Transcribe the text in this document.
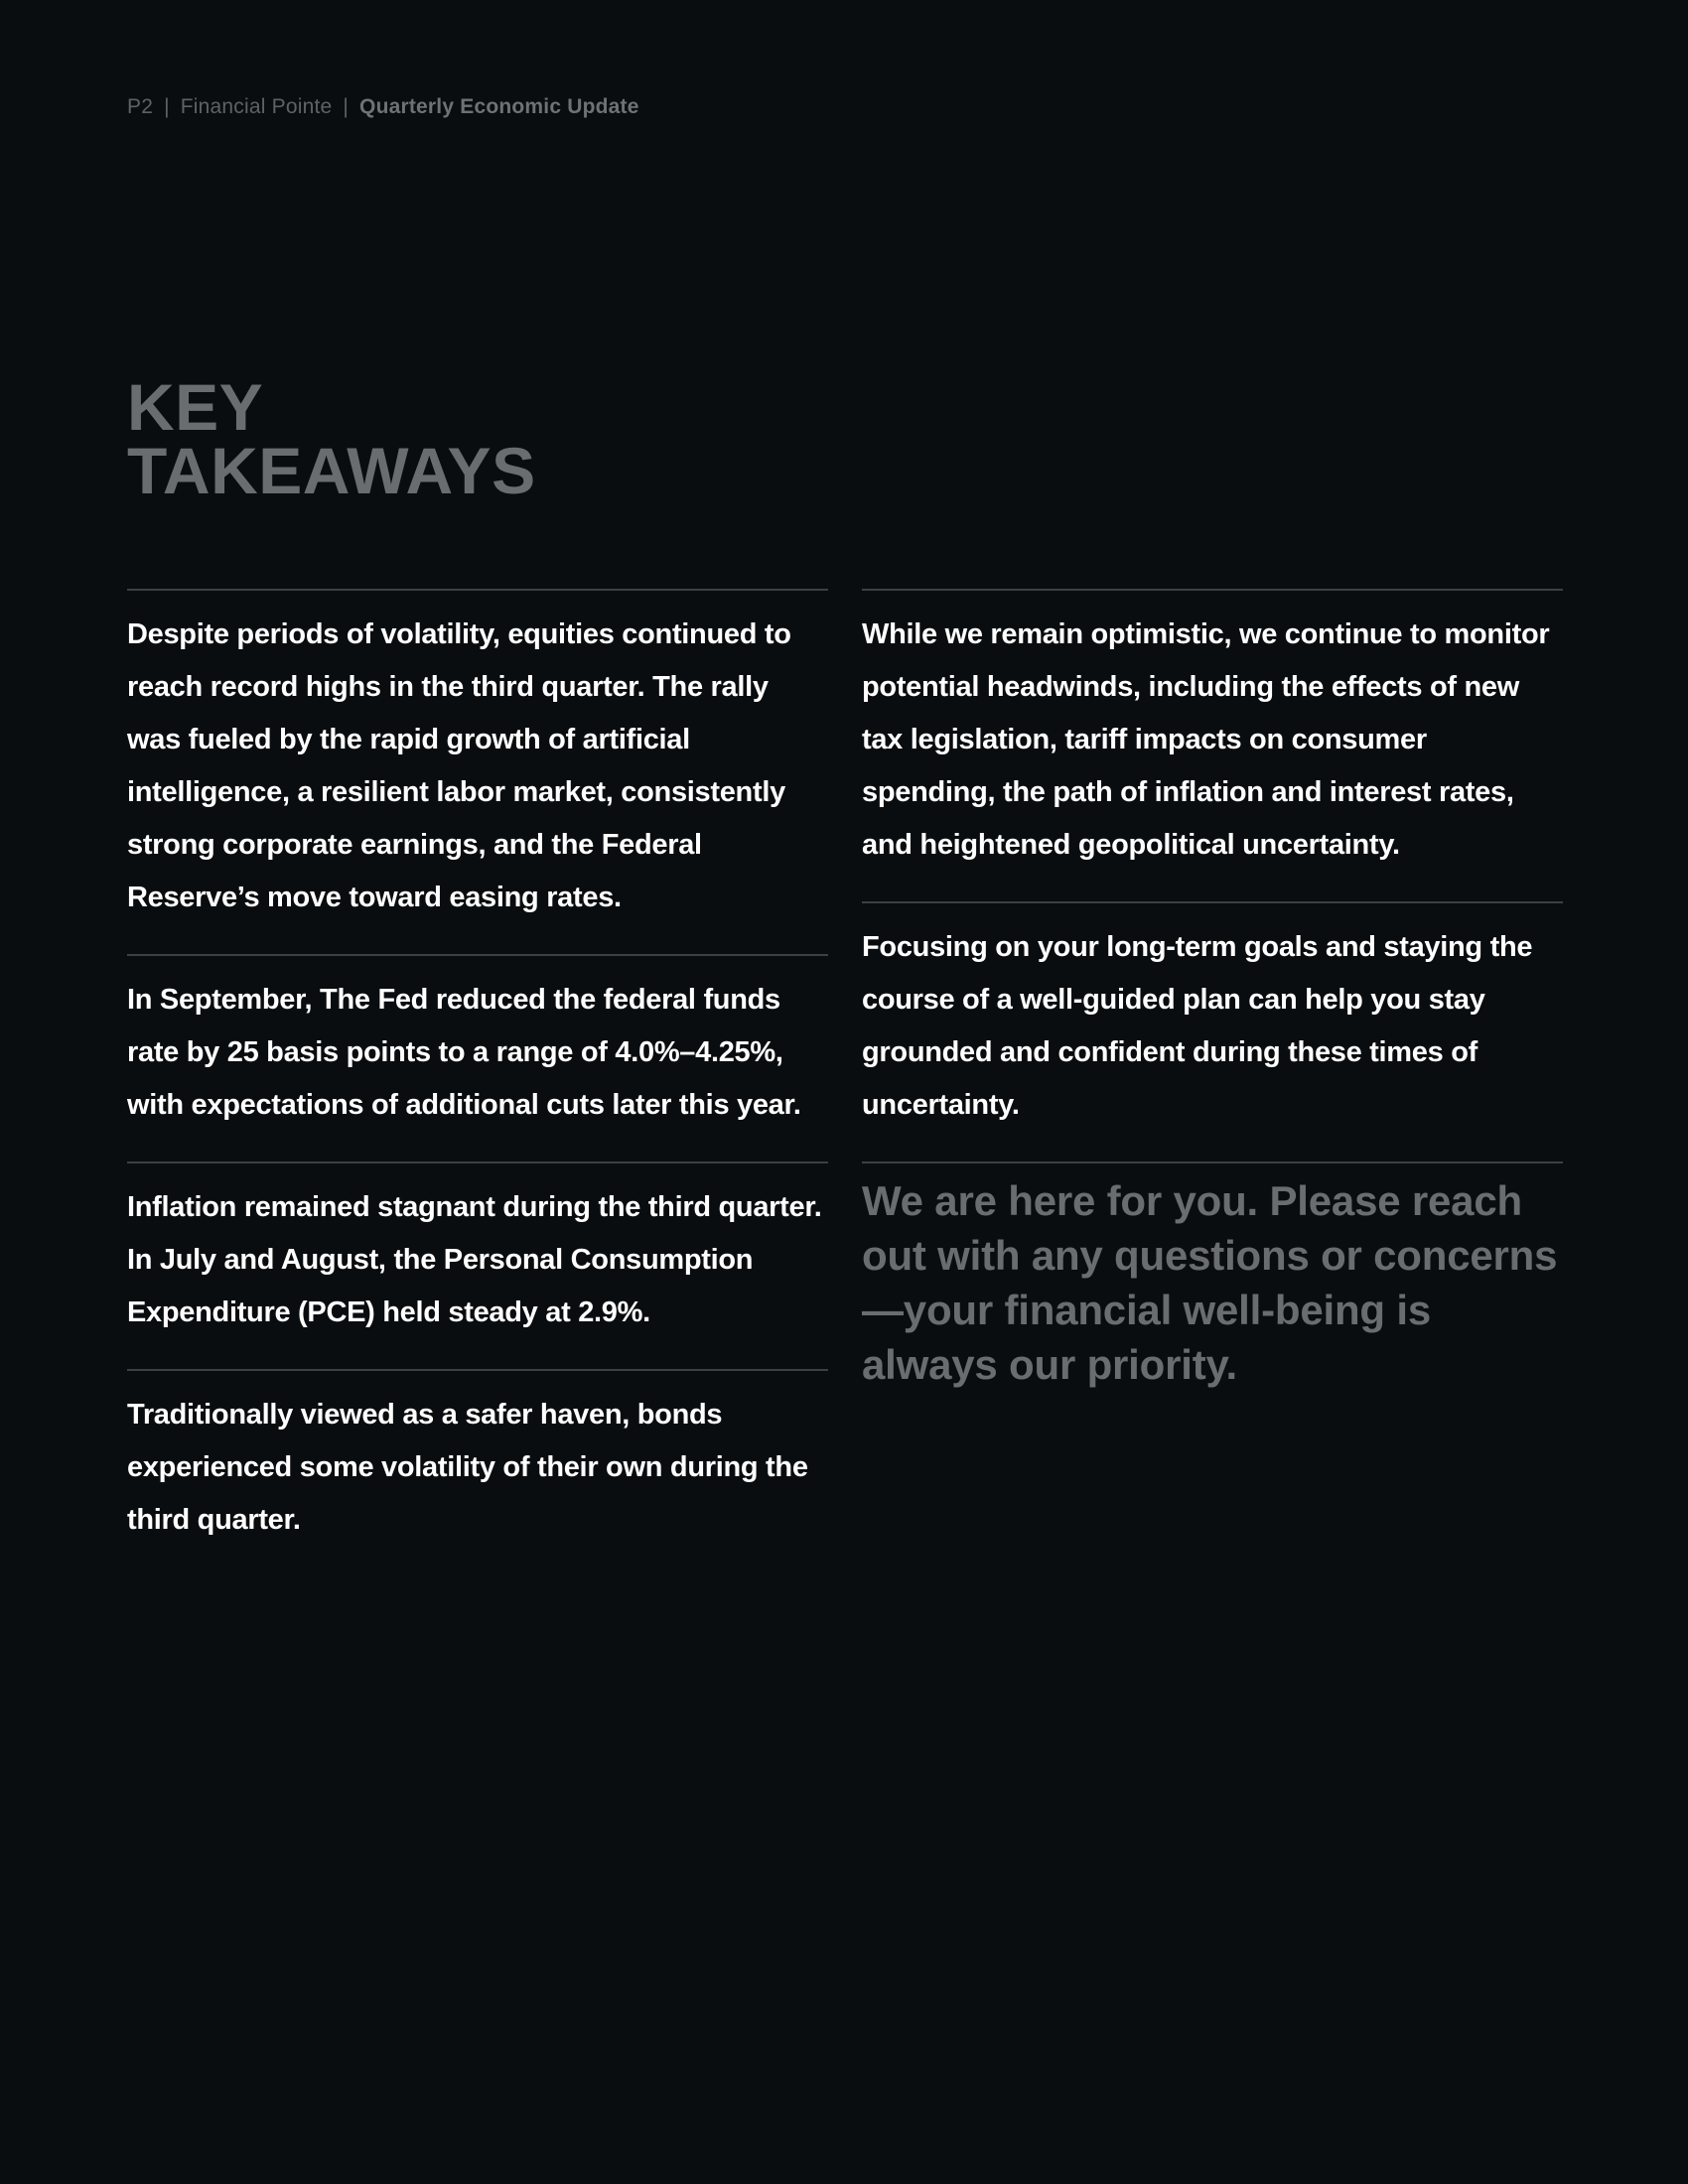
P2 | Financial Pointe | Quarterly Economic Update
KEY
TAKEAWAYS

Despite periods of volatility, equities continued to reach record highs in the third quarter. The rally was fueled by the rapid growth of artificial intelligence, a resilient labor market, consistently strong corporate earnings, and the Federal Reserve’s move toward easing rates.

In September, The Fed reduced the federal funds rate by 25 basis points to a range of 4.0%–4.25%, with expectations of additional cuts later this year.

Inflation remained stagnant during the third quarter. In July and August, the Personal Consumption Expenditure (PCE) held steady at 2.9%.

Traditionally viewed as a safer haven, bonds experienced some volatility of their own during the third quarter.

While we remain optimistic, we continue to monitor potential headwinds, including the effects of new tax legislation, tariff impacts on consumer spending, the path of inflation and interest rates, and heightened geopolitical uncertainty.

Focusing on your long-term goals and staying the course of a well-guided plan can help you stay grounded and confident during these times of uncertainty.

We are here for you. Please reach out with any questions or concerns—your financial well-being is always our priority.
